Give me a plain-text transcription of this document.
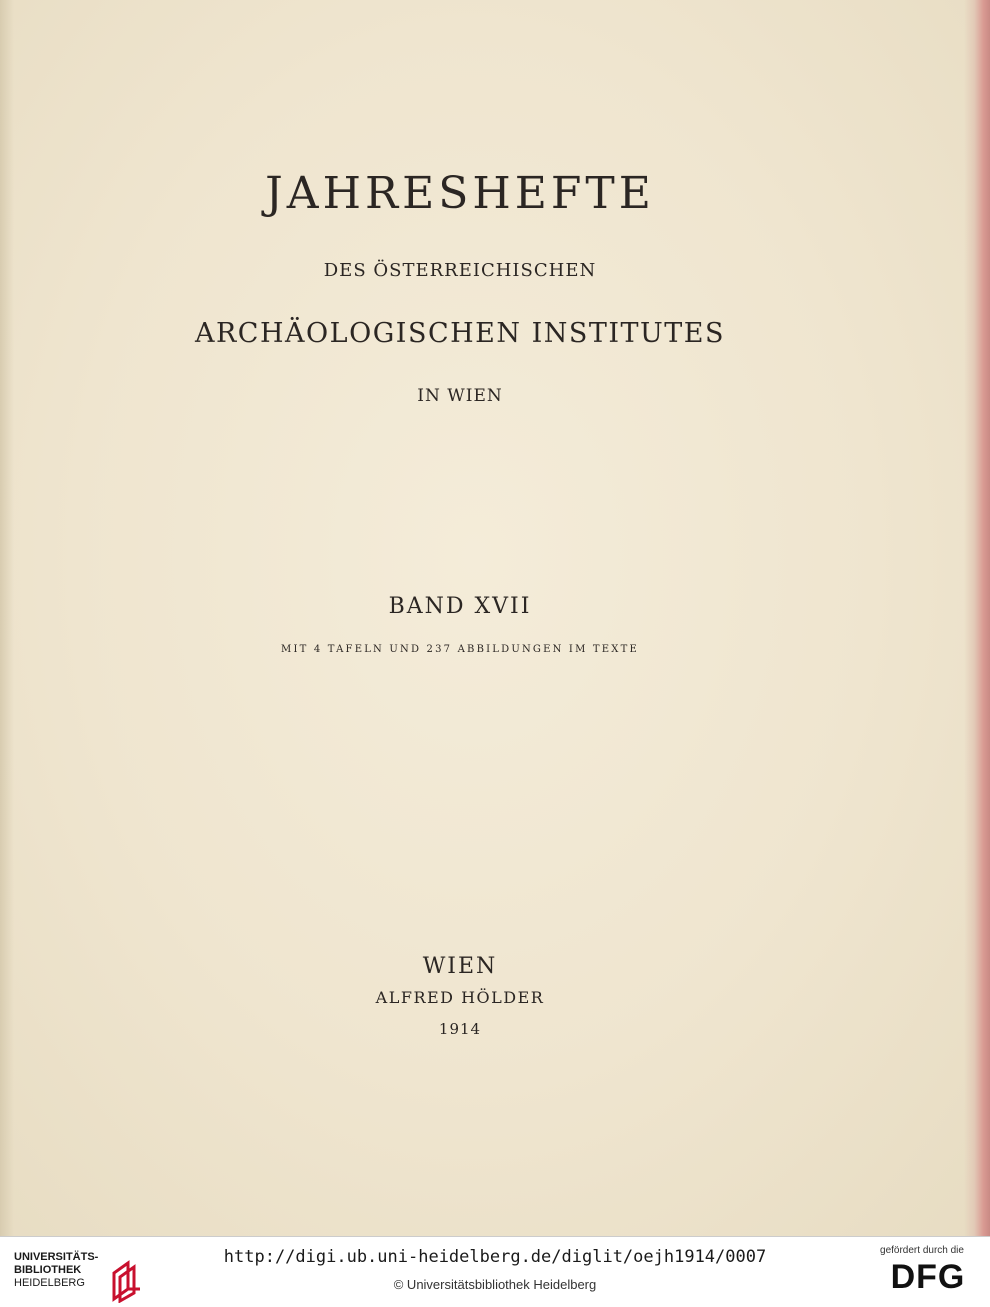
JAHRESHEFTE
DES ÖSTERREICHISCHEN
ARCHÄOLOGISCHEN INSTITUTES
IN WIEN
BAND XVII
MIT 4 TAFELN UND 237 ABBILDUNGEN IM TEXTE
WIEN
ALFRED HÖLDER
1914
UNIVERSITÄTS-
BIBLIOTHEK
HEIDELBERG
http://digi.ub.uni-heidelberg.de/diglit/oejh1914/0007
© Universitätsbibliothek Heidelberg
gefördert durch die
DFG
